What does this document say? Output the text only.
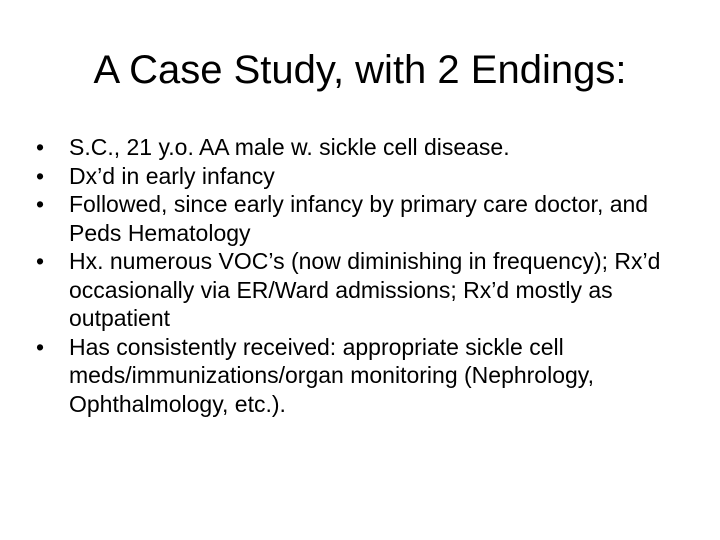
A Case Study, with 2 Endings:
•	S.C., 21 y.o. AA male w. sickle cell disease.
•	Dx’d in early infancy
•	Followed, since early infancy by primary care doctor, and Peds Hematology
•	Hx. numerous VOC’s (now diminishing in frequency); Rx’d occasionally via ER/Ward admissions; Rx’d mostly as outpatient
•	Has consistently received: appropriate sickle cell meds/immunizations/organ monitoring (Nephrology, Ophthalmology, etc.).
